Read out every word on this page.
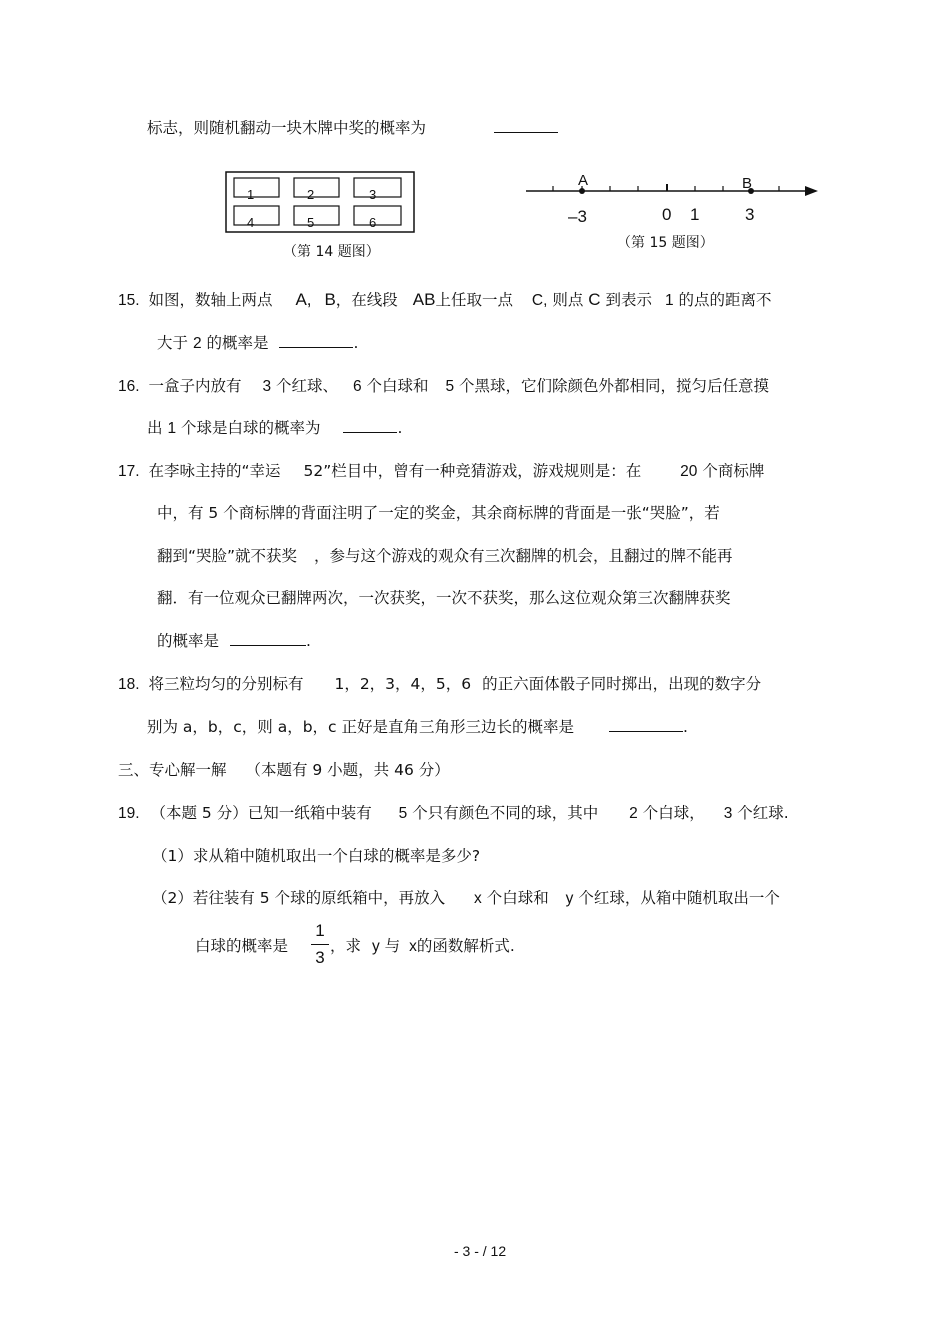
标志，则随机翻动一块木牌中奖的概率为
1	2	3
4	5	6
（第 14 题图）
A	B
–3	0 1	3
（第 15 题图）
15. 如图，数轴上两点 A, B，在线段 AB上任取一点 C, 则点 C 到表示 1 的点的距离不
大于 2 的概率是	.
16. 一盒子内放有 3 个红球、 6 个白球和 5 个黑球，它们除颜色外都相同，搅匀后任意摸
出 1 个球是白球的概率为	.
17. 在李咏主持的“幸运 52”栏目中，曾有一种竞猜游戏，游戏规则是：在	20 个商标牌
中，有 5 个商标牌的背面注明了一定的奖金，其余商标牌的背面是一张“哭脸”，若
翻到“哭脸”就不获奖 ，参与这个游戏的观众有三次翻牌的机会，且翻过的牌不能再
翻．有一位观众已翻牌两次，一次获奖，一次不获奖，那么这位观众第三次翻牌获奖
的概率是	.
18. 将三粒均匀的分别标有 1，2，3，4，5，6 的正六面体骰子同时掷出，出现的数字分
别为 a，b，c，则 a，b，c 正好是直角三角形三边长的概率是	.
三、专心解一解 （本题有 9 小题，共 46 分）
19. （本题 5 分）已知一纸箱中装有 5 个只有颜色不同的球，其中 2 个白球， 3 个红球.
（1）求从箱中随机取出一个白球的概率是多少?
（2）若往装有 5 个球的原纸箱中，再放入 x 个白球和 y 个红球，从箱中随机取出一个
白球的概率是
1
3
，求 y 与 x的函数解析式.
- 3 - / 12
